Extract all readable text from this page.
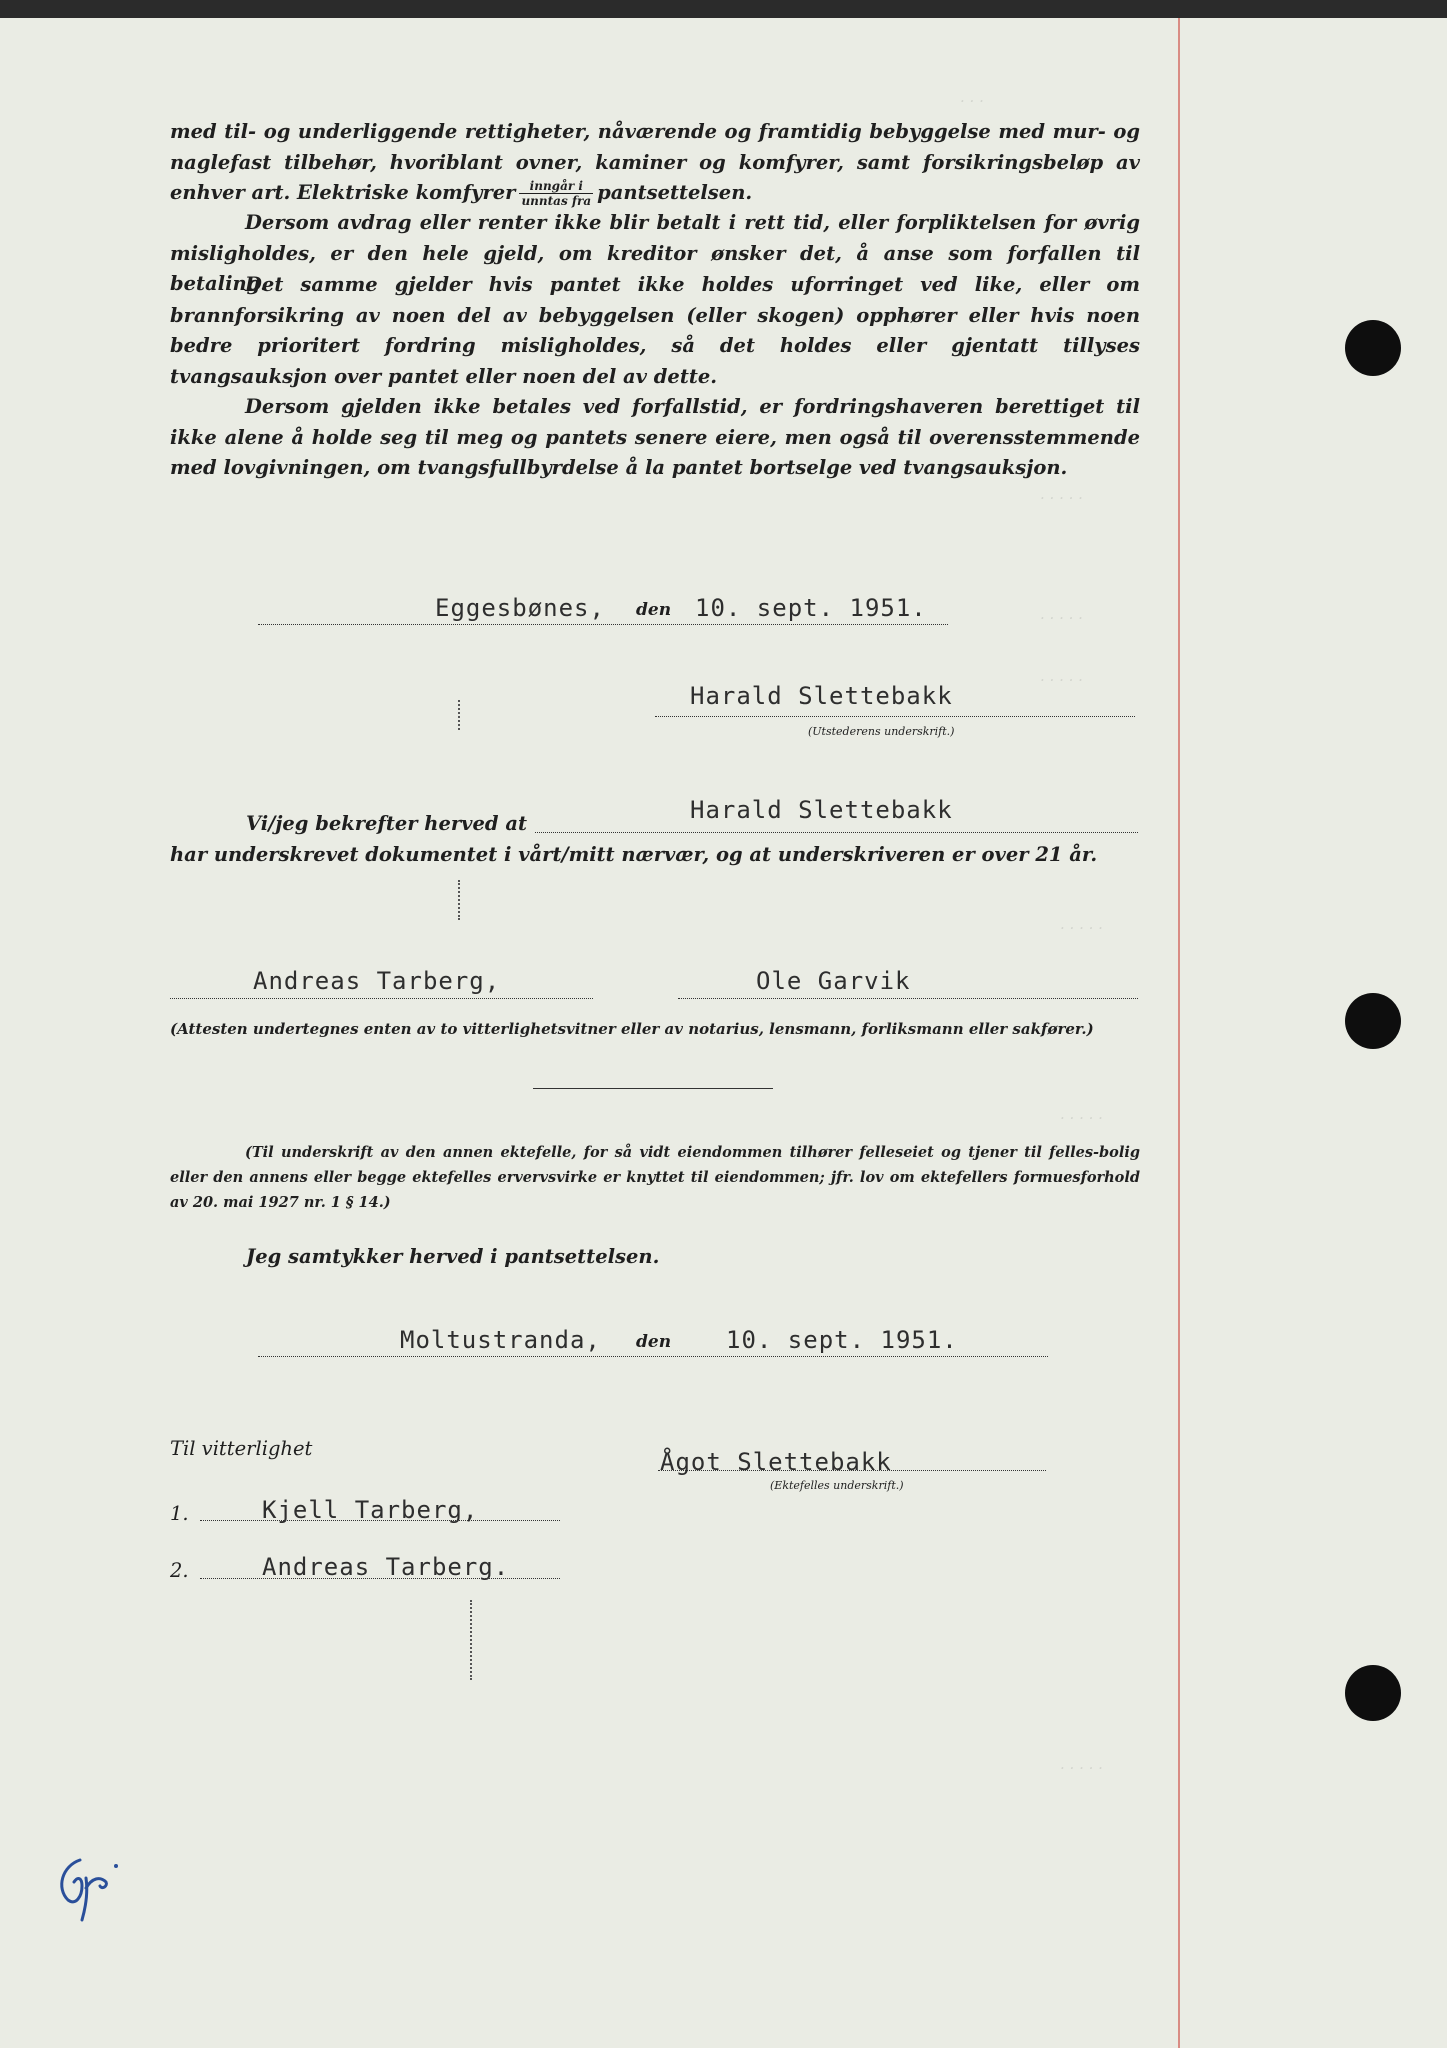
· · ·
. . . . .
. . . . .
. . . . .
. . . . .
. . . . .
. . . . .

med til- og underliggende rettigheter, nåværende og framtidig bebyggelse med mur- og naglefast tilbehør, hvoriblant ovner, kaminer og komfyrer, samt forsikringsbeløp av enhver art. Elektriske komfyrer $\frac{\text{inngår i}}{\text{unntas fra}}$ pantsettelsen.

Dersom avdrag eller renter ikke blir betalt i rett tid, eller forpliktelsen for øvrig misligholdes, er den hele gjeld, om kreditor ønsker det, å anse som forfallen til betaling.

Det samme gjelder hvis pantet ikke holdes uforringet ved like, eller om brannforsikring av noen del av bebyggelsen (eller skogen) opphører eller hvis noen bedre prioritert fordring misligholdes, så det holdes eller gjentatt tillyses tvangsauksjon over pantet eller noen del av dette.

Dersom gjelden ikke betales ved forfallstid, er fordringshaveren berettiget til ikke alene å holde seg til meg og pantets senere eiere, men også til overensstemmende med lovgivningen, om tvangsfullbyrdelse å la pantet bortselge ved tvangsauksjon.

Eggesbønes, den 10. sept. 1951.
Harald Slettebakk
(Utstederens underskrift.)
Vi/jeg bekrefter herved at	Harald Slettebakk
har underskrevet dokumentet i vårt/mitt nærvær, og at underskriveren er over 21 år.
Andreas Tarberg,	Ole Garvik
(Attesten undertegnes enten av to vitterlighetsvitner eller av notarius, lensmann, forliksmann eller sakfører.)

(Til underskrift av den annen ektefelle, for så vidt eiendommen tilhører felleseiet og tjener til felles-bolig eller den annens eller begge ektefelles ervervsvirke er knyttet til eiendommen; jfr. lov om ektefellers formuesforhold av 20. mai 1927 nr. 1 § 14.)

Jeg samtykker herved i pantsettelsen.
Moltustranda, den 10. sept. 1951.
Til vitterlighet	Ågot Slettebakk
(Ektefelles underskrift.)
1.	Kjell Tarberg,
2.	Andreas Tarberg.
